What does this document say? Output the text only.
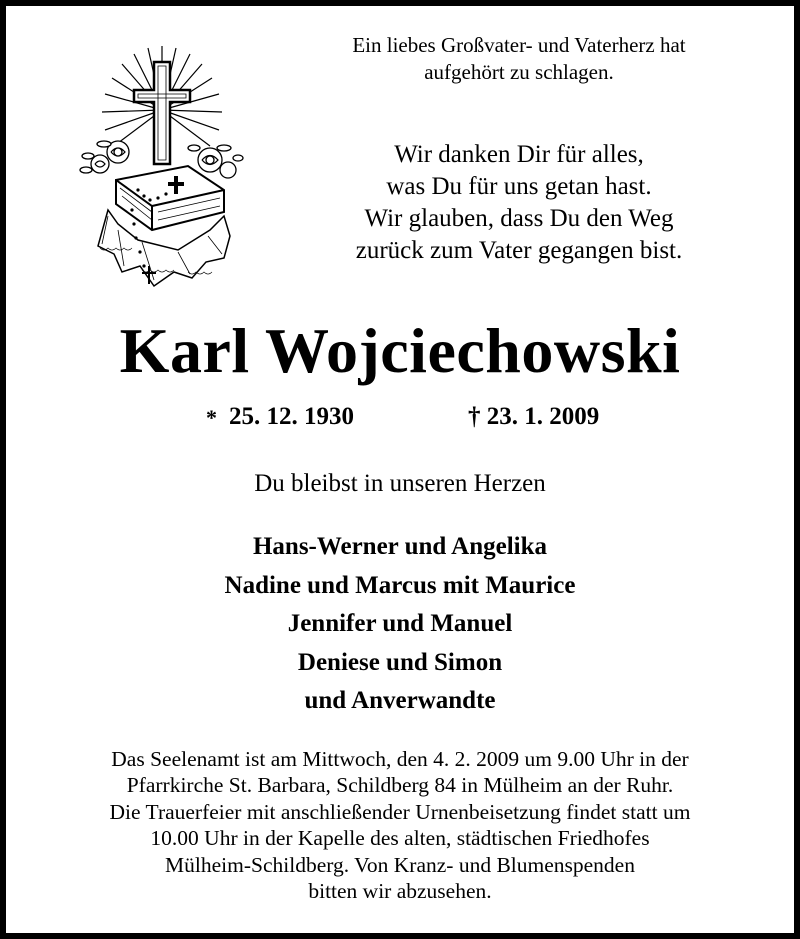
Ein liebes Großvater- und Vaterherz hat
aufgehört zu schlagen.
Wir danken Dir für alles,
was Du für uns getan hast.
Wir glauben, dass Du den Weg
zurück zum Vater gegangen bist.
Karl Wojciechowski
* 25. 12. 1930	† 23. 1. 2009
Du bleibst in unseren Herzen
Hans-Werner und Angelika
Nadine und Marcus mit Maurice
Jennifer und Manuel
Deniese und Simon
und Anverwandte
Das Seelenamt ist am Mittwoch, den 4. 2. 2009 um 9.00 Uhr in der
Pfarrkirche St. Barbara, Schildberg 84 in Mülheim an der Ruhr.
Die Trauerfeier mit anschließender Urnenbeisetzung findet statt um
10.00 Uhr in der Kapelle des alten, städtischen Friedhofes
Mülheim-Schildberg. Von Kranz- und Blumenspenden
bitten wir abzusehen.
